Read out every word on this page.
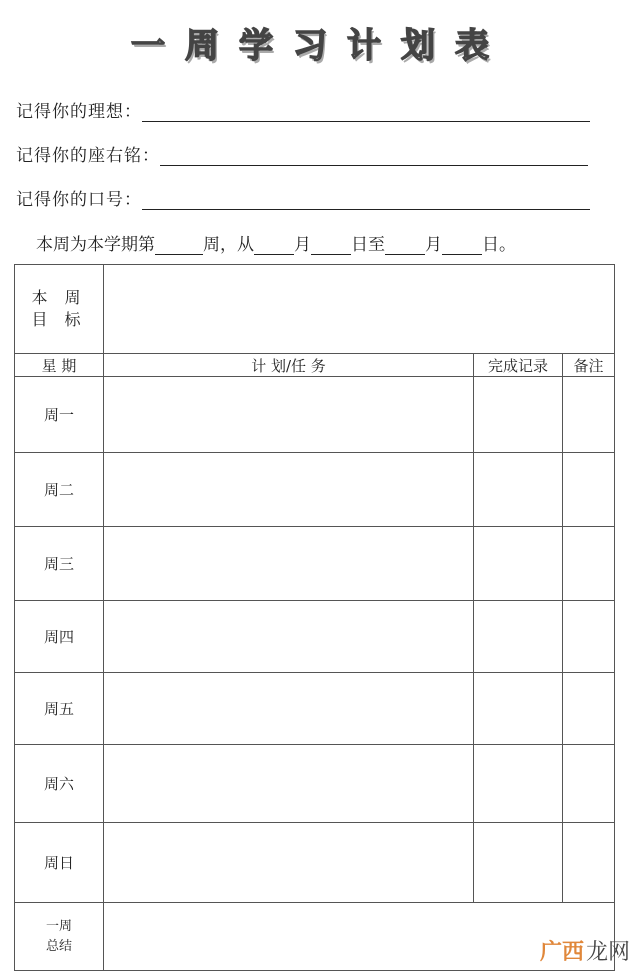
一周学习计划表
记得你的理想：
记得你的座右铭：
记得你的口号：
本周为本学期第	周，从 月 日至 月 日。
本 周
目 标			

星 期	计 划/任 务	完成记录	备注
周一			
周二			
周三			
周四			
周五			
周六			
周日			

一周
总结			
		广西 龙网
